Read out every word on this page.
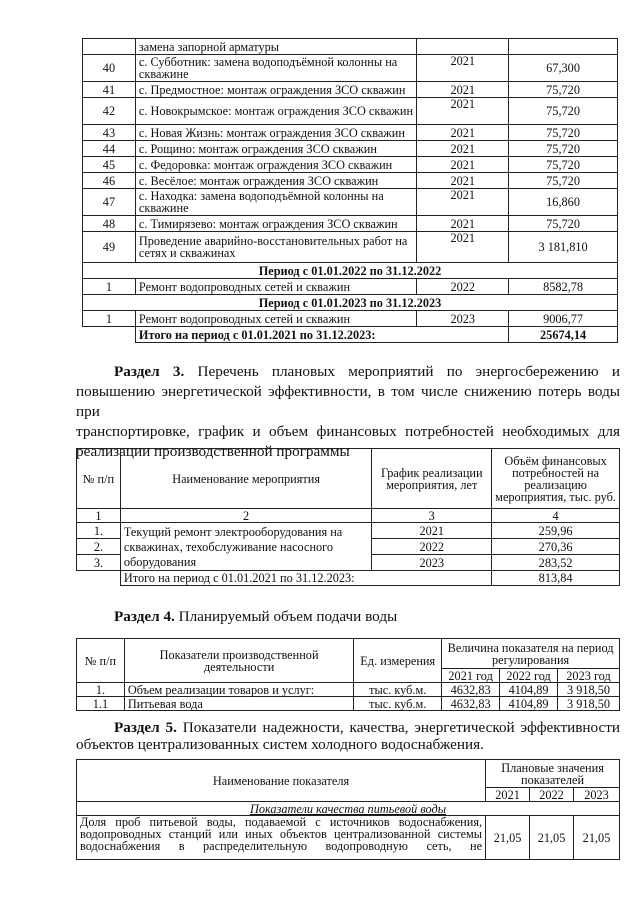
	замена запорной арматуры		
40	с. Субботник: замена водоподъёмной колонны на скважине	2021	67,300
41	с. Предмостное: монтаж ограждения ЗСО скважин	2021	75,720
42	с. Новокрымское: монтаж ограждения ЗСО скважин	2021	75,720
43	с. Новая Жизнь: монтаж ограждения ЗСО скважин	2021	75,720
44	с. Рощино: монтаж ограждения ЗСО скважин	2021	75,720
45	с. Федоровка: монтаж ограждения ЗСО скважин	2021	75,720
46	с. Весёлое: монтаж ограждения ЗСО скважин	2021	75,720
47	с. Находка: замена водоподъёмной колонны на скважине	2021	16,860
48	с. Тимирязево: монтаж ограждения ЗСО скважин	2021	75,720
49	Проведение аварийно-восстановительных работ на сетях и скважинах	2021	3 181,810
Период с 01.01.2022 по 31.12.2022			
1	Ремонт водопроводных сетей и скважин	2022	8582,78
Период с 01.01.2023 по 31.12.2023			
1	Ремонт водопроводных сетей и скважин	2023	9006,77
	Итого на период с 01.01.2021 по 31.12.2023:		25674,14
Раздел 3. Перечень плановых мероприятий по энергосбережению и
повышению энергетической эффективности, в том числе снижению потерь воды при
транспортировке, график и объем финансовых потребностей необходимых для
реализации производственной программы
№ п/п	Наименование мероприятия	График реализации мероприятия, лет	Объём финансовых потребностей на реализацию мероприятия, тыс. руб.
1	2	3	4
1.	Текущий ремонт электрооборудования на скважинах, техобслуживание насосного оборудования	2021	259,96
2.		2022	270,36
3.		2023	283,52
	Итого на период с 01.01.2021 по 31.12.2023:		813,84
Раздел 4. Планируемый объем подачи воды
№ п/п	Показатели производственной деятельности	Ед. измерения	Величина показателя на период регулирования		
			2021 год	2022 год	2023 год
1.	Объем реализации товаров и услуг:	тыс. куб.м.	4632,83	4104,89	3 918,50
1.1	Питьевая вода	тыс. куб.м.	4632,83	4104,89	3 918,50
Раздел 5. Показатели надежности, качества, энергетической эффективности
объектов централизованных систем холодного водоснабжения.
Наименование показателя	Плановые значения показателей		
	2021	2022	2023
Показатели качества питьевой воды			

Доля проб питьевой воды, подаваемой с источников водоснабжения,
водопроводных станций или иных объектов централизованной системы
водоснабжения в распределительную водопроводную сеть, не	21,05	21,05	21,05
